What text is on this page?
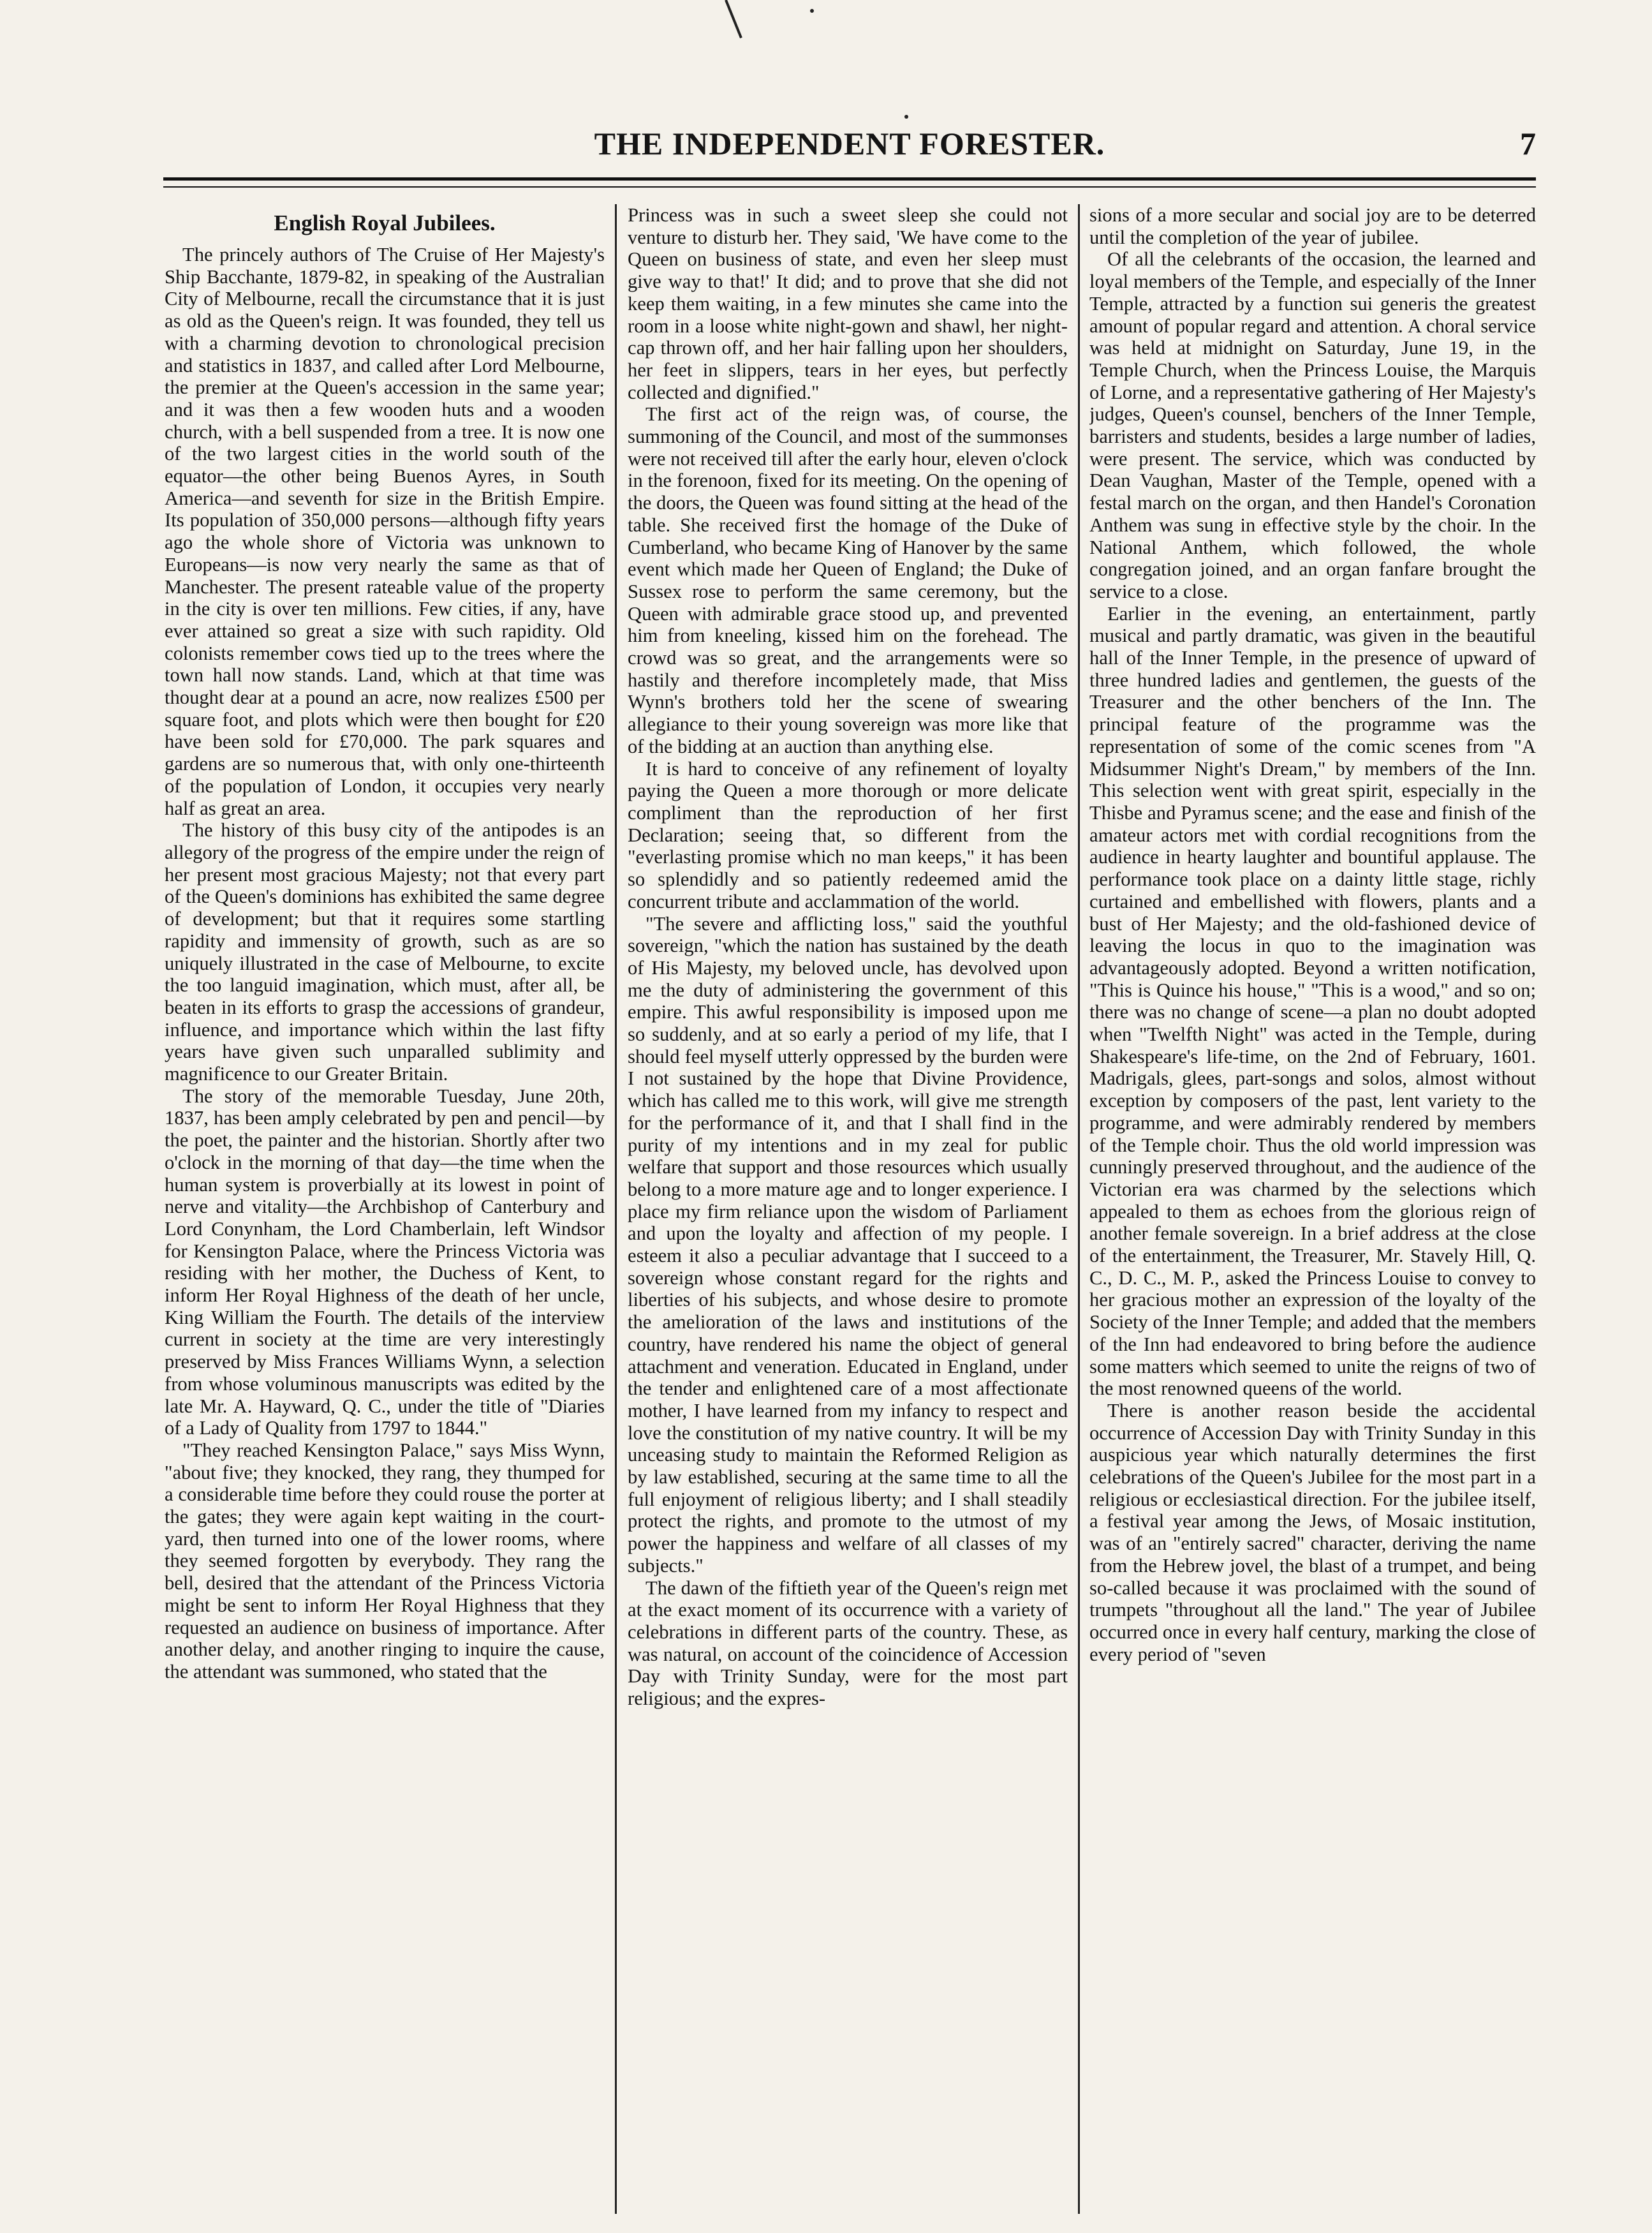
THE INDEPENDENT FORESTER.	7
English Royal Jubilees.

The princely authors of The Cruise of Her Majesty's Ship Bacchante, 1879-82, in speaking of the Australian City of Melbourne, recall the circumstance that it is just as old as the Queen's reign. It was founded, they tell us with a charming devotion to chronological precision and statistics in 1837, and called after Lord Melbourne, the premier at the Queen's accession in the same year; and it was then a few wooden huts and a wooden church, with a bell suspended from a tree. It is now one of the two largest cities in the world south of the equator—the other being Buenos Ayres, in South America—and seventh for size in the British Empire. Its population of 350,000 persons—although fifty years ago the whole shore of Victoria was unknown to Europeans—is now very nearly the same as that of Manchester. The present rateable value of the property in the city is over ten millions. Few cities, if any, have ever attained so great a size with such rapidity. Old colonists remember cows tied up to the trees where the town hall now stands. Land, which at that time was thought dear at a pound an acre, now realizes £500 per square foot, and plots which were then bought for £20 have been sold for £70,000. The park squares and gardens are so numerous that, with only one-thirteenth of the population of London, it occupies very nearly half as great an area.

The history of this busy city of the antipodes is an allegory of the progress of the empire under the reign of her present most gracious Majesty; not that every part of the Queen's dominions has exhibited the same degree of development; but that it requires some startling rapidity and immensity of growth, such as are so uniquely illustrated in the case of Melbourne, to excite the too languid imagination, which must, after all, be beaten in its efforts to grasp the accessions of grandeur, influence, and importance which within the last fifty years have given such unparalled sublimity and magnificence to our Greater Britain.

The story of the memorable Tuesday, June 20th, 1837, has been amply celebrated by pen and pencil—by the poet, the painter and the historian. Shortly after two o'clock in the morning of that day—the time when the human system is proverbially at its lowest in point of nerve and vitality—the Archbishop of Canterbury and Lord Conynham, the Lord Chamberlain, left Windsor for Kensington Palace, where the Princess Victoria was residing with her mother, the Duchess of Kent, to inform Her Royal Highness of the death of her uncle, King William the Fourth. The details of the interview current in society at the time are very interestingly preserved by Miss Frances Williams Wynn, a selection from whose voluminous manuscripts was edited by the late Mr. A. Hayward, Q. C., under the title of "Diaries of a Lady of Quality from 1797 to 1844."

"They reached Kensington Palace," says Miss Wynn, "about five; they knocked, they rang, they thumped for a considerable time before they could rouse the porter at the gates; they were again kept waiting in the court-yard, then turned into one of the lower rooms, where they seemed forgotten by everybody. They rang the bell, desired that the attendant of the Princess Victoria might be sent to inform Her Royal Highness that they requested an audience on business of importance. After another delay, and another ringing to inquire the cause, the attendant was summoned, who stated that the

Princess was in such a sweet sleep she could not venture to disturb her. They said, 'We have come to the Queen on business of state, and even her sleep must give way to that!' It did; and to prove that she did not keep them waiting, in a few minutes she came into the room in a loose white night-gown and shawl, her night-cap thrown off, and her hair falling upon her shoulders, her feet in slippers, tears in her eyes, but perfectly collected and dignified."

The first act of the reign was, of course, the summoning of the Council, and most of the summonses were not received till after the early hour, eleven o'clock in the forenoon, fixed for its meeting. On the opening of the doors, the Queen was found sitting at the head of the table. She received first the homage of the Duke of Cumberland, who became King of Hanover by the same event which made her Queen of England; the Duke of Sussex rose to perform the same ceremony, but the Queen with admirable grace stood up, and prevented him from kneeling, kissed him on the forehead. The crowd was so great, and the arrangements were so hastily and therefore incompletely made, that Miss Wynn's brothers told her the scene of swearing allegiance to their young sovereign was more like that of the bidding at an auction than anything else.

It is hard to conceive of any refinement of loyalty paying the Queen a more thorough or more delicate compliment than the reproduction of her first Declaration; seeing that, so different from the "everlasting promise which no man keeps," it has been so splendidly and so patiently redeemed amid the concurrent tribute and acclammation of the world.

"The severe and afflicting loss," said the youthful sovereign, "which the nation has sustained by the death of His Majesty, my beloved uncle, has devolved upon me the duty of administering the government of this empire. This awful responsibility is imposed upon me so suddenly, and at so early a period of my life, that I should feel myself utterly oppressed by the burden were I not sustained by the hope that Divine Providence, which has called me to this work, will give me strength for the performance of it, and that I shall find in the purity of my intentions and in my zeal for public welfare that support and those resources which usually belong to a more mature age and to longer experience. I place my firm reliance upon the wisdom of Parliament and upon the loyalty and affection of my people. I esteem it also a peculiar advantage that I succeed to a sovereign whose constant regard for the rights and liberties of his subjects, and whose desire to promote the amelioration of the laws and institutions of the country, have rendered his name the object of general attachment and veneration. Educated in England, under the tender and enlightened care of a most affectionate mother, I have learned from my infancy to respect and love the constitution of my native country. It will be my unceasing study to maintain the Reformed Religion as by law established, securing at the same time to all the full enjoyment of religious liberty; and I shall steadily protect the rights, and promote to the utmost of my power the happiness and welfare of all classes of my subjects."

The dawn of the fiftieth year of the Queen's reign met at the exact moment of its occurrence with a variety of celebrations in different parts of the country. These, as was natural, on account of the coincidence of Accession Day with Trinity Sunday, were for the most part religious; and the expres-

sions of a more secular and social joy are to be deterred until the completion of the year of jubilee.

Of all the celebrants of the occasion, the learned and loyal members of the Temple, and especially of the Inner Temple, attracted by a function sui generis the greatest amount of popular regard and attention. A choral service was held at midnight on Saturday, June 19, in the Temple Church, when the Princess Louise, the Marquis of Lorne, and a representative gathering of Her Majesty's judges, Queen's counsel, benchers of the Inner Temple, barristers and students, besides a large number of ladies, were present. The service, which was conducted by Dean Vaughan, Master of the Temple, opened with a festal march on the organ, and then Handel's Coronation Anthem was sung in effective style by the choir. In the National Anthem, which followed, the whole congregation joined, and an organ fanfare brought the service to a close.

Earlier in the evening, an entertainment, partly musical and partly dramatic, was given in the beautiful hall of the Inner Temple, in the presence of upward of three hundred ladies and gentlemen, the guests of the Treasurer and the other benchers of the Inn. The principal feature of the programme was the representation of some of the comic scenes from "A Midsummer Night's Dream," by members of the Inn. This selection went with great spirit, especially in the Thisbe and Pyramus scene; and the ease and finish of the amateur actors met with cordial recognitions from the audience in hearty laughter and bountiful applause. The performance took place on a dainty little stage, richly curtained and embellished with flowers, plants and a bust of Her Majesty; and the old-fashioned device of leaving the locus in quo to the imagination was advantageously adopted. Beyond a written notification, "This is Quince his house," "This is a wood," and so on; there was no change of scene—a plan no doubt adopted when "Twelfth Night" was acted in the Temple, during Shakespeare's life-time, on the 2nd of February, 1601. Madrigals, glees, part-songs and solos, almost without exception by composers of the past, lent variety to the programme, and were admirably rendered by members of the Temple choir. Thus the old world impression was cunningly preserved throughout, and the audience of the Victorian era was charmed by the selections which appealed to them as echoes from the glorious reign of another female sovereign. In a brief address at the close of the entertainment, the Treasurer, Mr. Stavely Hill, Q. C., D. C., M. P., asked the Princess Louise to convey to her gracious mother an expression of the loyalty of the Society of the Inner Temple; and added that the members of the Inn had endeavored to bring before the audience some matters which seemed to unite the reigns of two of the most renowned queens of the world.

There is another reason beside the accidental occurrence of Accession Day with Trinity Sunday in this auspicious year which naturally determines the first celebrations of the Queen's Jubilee for the most part in a religious or ecclesiastical direction. For the jubilee itself, a festival year among the Jews, of Mosaic institution, was of an "entirely sacred" character, deriving the name from the Hebrew jovel, the blast of a trumpet, and being so-called because it was proclaimed with the sound of trumpets "throughout all the land." The year of Jubilee occurred once in every half century, marking the close of every period of "seven
